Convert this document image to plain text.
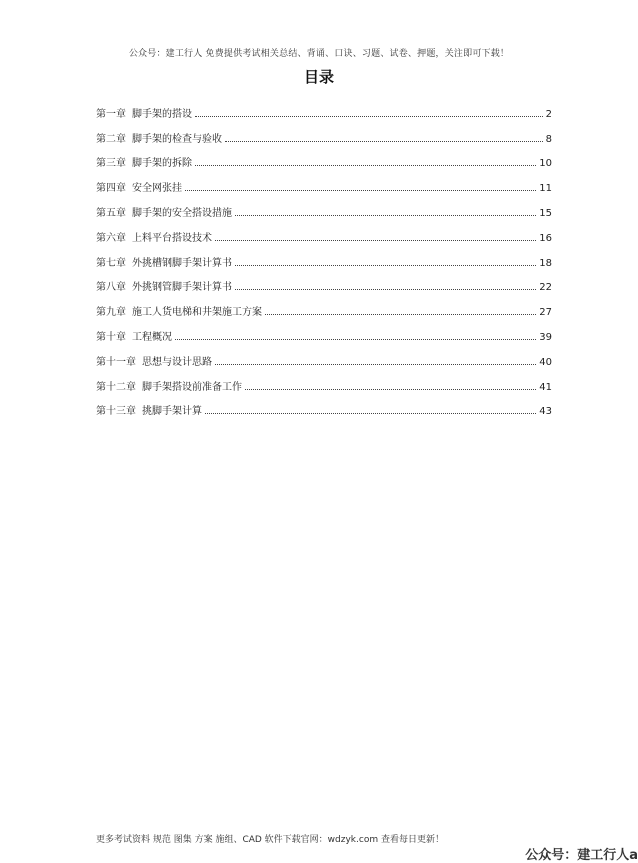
公众号：建工行人 免费提供考试相关总结、背诵、口诀、习题、试卷、押题，关注即可下载！
目录
第一章 脚手架的搭设	2
第二章 脚手架的检查与验收	8
第三章 脚手架的拆除	10
第四章 安全网张挂	11
第五章 脚手架的安全搭设措施	15
第六章 上料平台搭设技术	16
第七章 外挑槽钢脚手架计算书	18
第八章 外挑钢管脚手架计算书	22
第九章 施工人货电梯和井架施工方案	27
第十章 工程概况	39
第十一章 思想与设计思路	40
第十二章 脚手架搭设前准备工作	41
第十三章 挑脚手架计算	43
更多考试资料 规范 图集 方案 施组、CAD 软件下载官网：wdzyk.com 查看每日更新！
公众号：建工行人a
